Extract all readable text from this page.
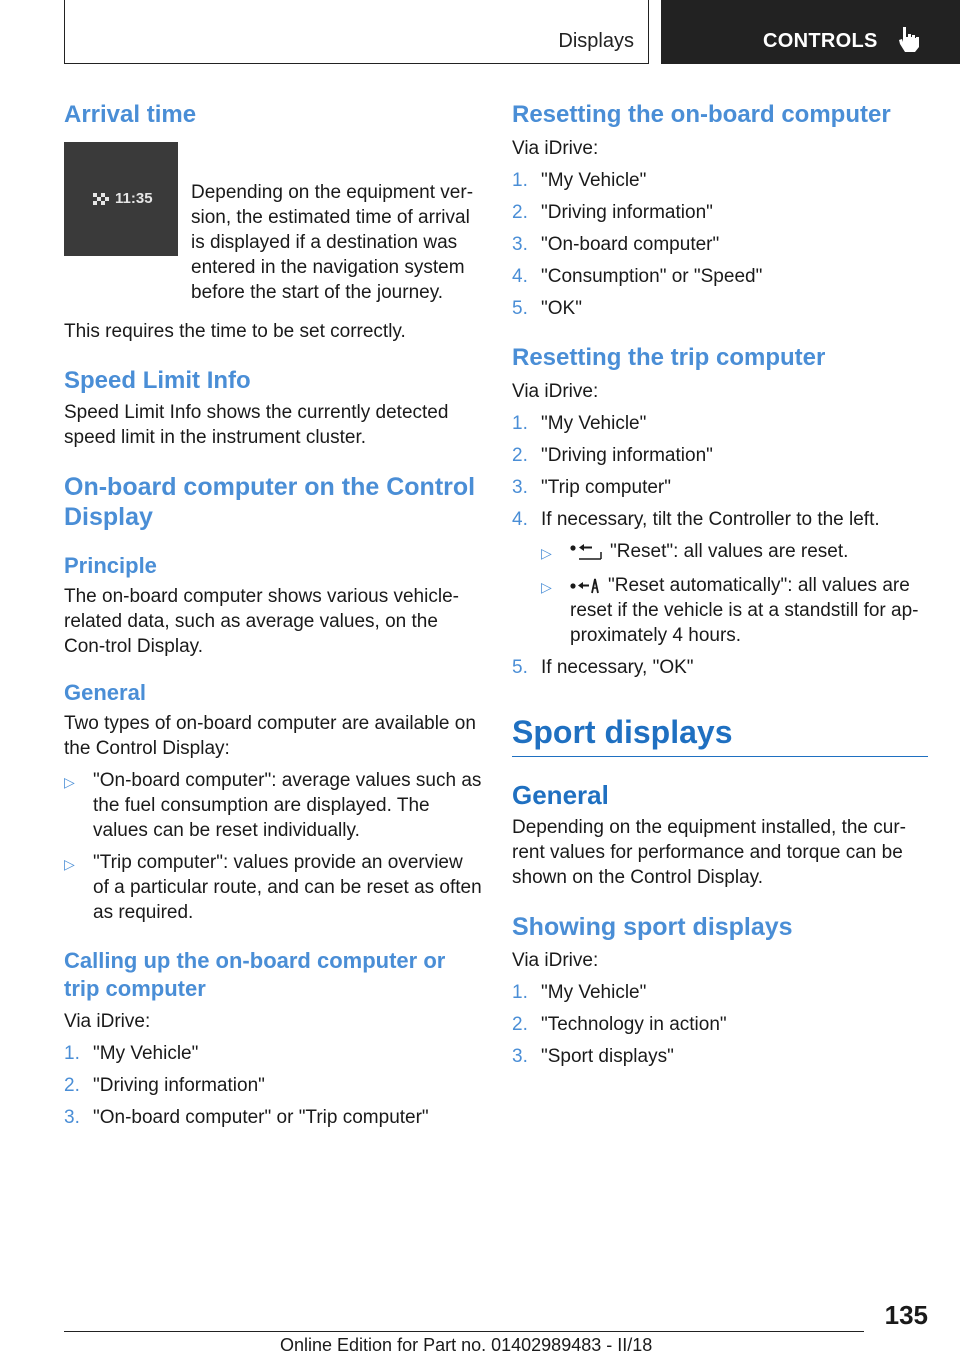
Displays	CONTROLS
Arrival time
11:35 Depending on the equipment ver-sion, the estimated time of arrival is displayed if a destination was entered in the navigation system before the start of the journey.

This requires the time to be set correctly.

Speed Limit Info

Speed Limit Info shows the currently detected speed limit in the instrument cluster.

On-board computer on the Control Display
Principle

The on-board computer shows various vehicle-related data, such as average values, on the Con-trol Display.

General

Two types of on-board computer are available on the Control Display:

▷ "On-board computer": average values such as the fuel consumption are displayed. The values can be reset individually.
▷ "Trip computer": values provide an overview of a particular route, and can be reset as often as required.
Calling up the on-board computer or trip computer

Via iDrive:

1. "My Vehicle"
2. "Driving information"
3. "On-board computer" or "Trip computer"
Resetting the on-board computer

Via iDrive:

1. "My Vehicle"
2. "Driving information"
3. "On-board computer"
4. "Consumption" or "Speed"
5. "OK"
Resetting the trip computer

Via iDrive:

1. "My Vehicle"
2. "Driving information"
3. "Trip computer"
4. If necessary, tilt the Controller to the left.
▷	"Reset": all values are reset.
▷	"Reset automatically": all values are reset if the vehicle is at a standstill for ap-proximately 4 hours.
5. If necessary, "OK"
Sport displays
General

Depending on the equipment installed, the cur-rent values for performance and torque can be shown on the Control Display.

Showing sport displays

Via iDrive:

1. "My Vehicle"
2. "Technology in action"
3. "Sport displays"
135
Online Edition for Part no. 01402989483 - II/18
